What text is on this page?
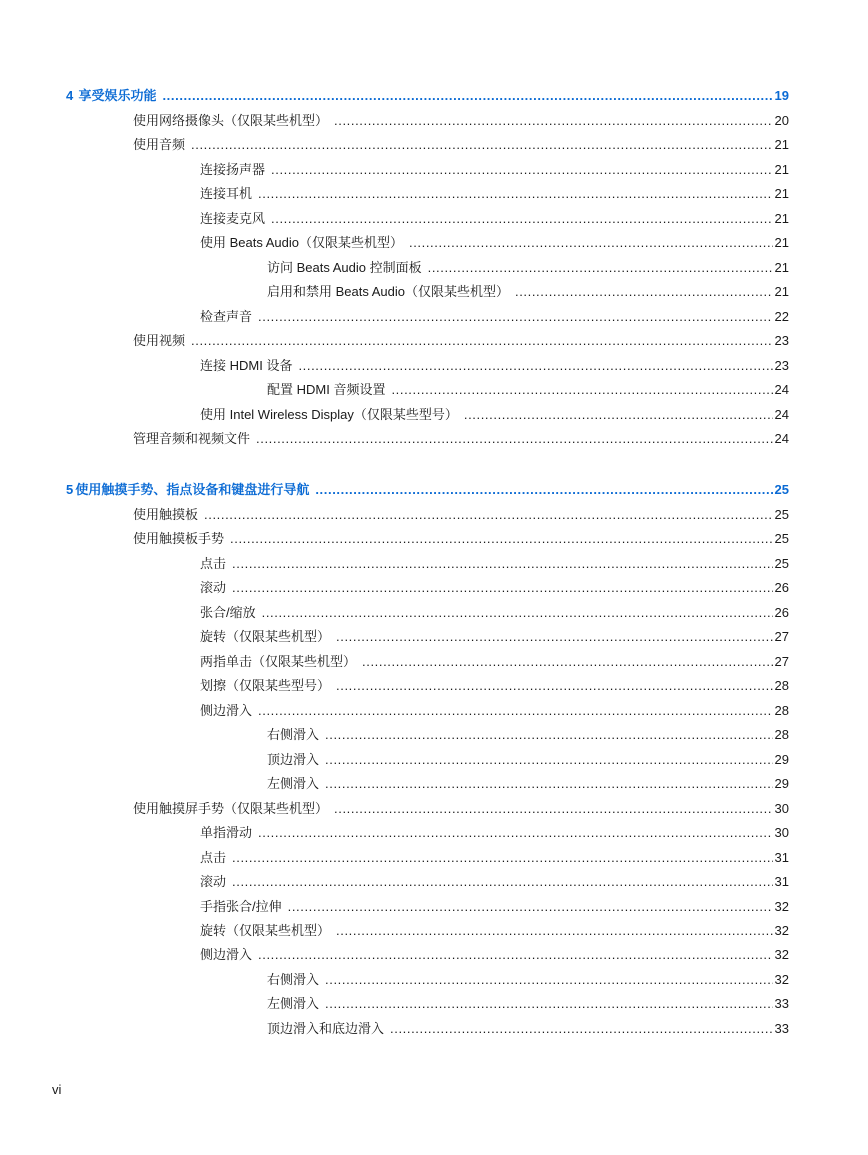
4 享受娱乐功能 .....	19
使用网络摄像头（仅限某些机型） .....	20
使用音频 .....	21
连接扬声器 .....	21
连接耳机 .....	21
连接麦克风 .....	21
使用 Beats Audio（仅限某些机型） .....	21
访问 Beats Audio 控制面板 .....	21
启用和禁用 Beats Audio（仅限某些机型） .....	21
检查声音 .....	22
使用视频 .....	23
连接 HDMI 设备 .....	23
配置 HDMI 音频设置 .....	24
使用 Intel Wireless Display（仅限某些型号） .....	24
管理音频和视频文件 .....	24
5 使用触摸手势、指点设备和键盘进行导航 .....	25
使用触摸板 .....	25
使用触摸板手势 .....	25
点击 .....	25
滚动 .....	26
张合/缩放 .....	26
旋转（仅限某些机型） .....	27
两指单击（仅限某些机型） .....	27
划擦（仅限某些型号） .....	28
侧边滑入 .....	28
右侧滑入 .....	28
顶边滑入 .....	29
左侧滑入 .....	29
使用触摸屏手势（仅限某些机型） .....	30
单指滑动 .....	30
点击 .....	31
滚动 .....	31
手指张合/拉伸 .....	32
旋转（仅限某些机型） .....	32
侧边滑入 .....	32
右侧滑入 .....	32
左侧滑入 .....	33
顶边滑入和底边滑入 .....	33
vi
